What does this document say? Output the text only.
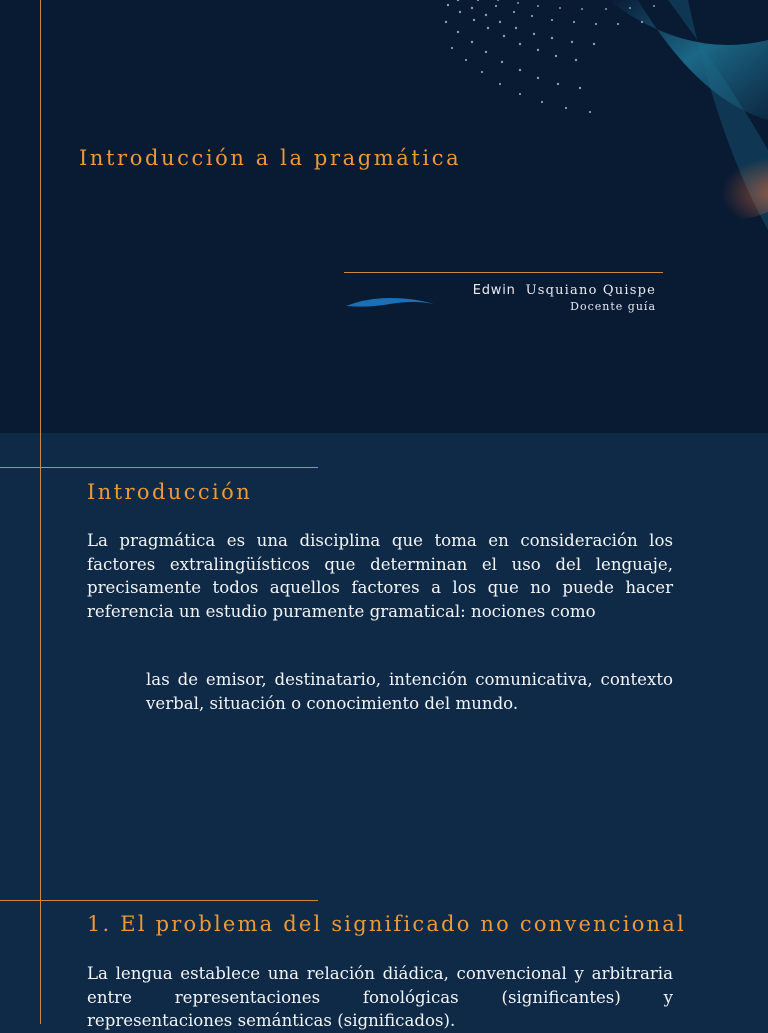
Introducción a la pragmática
Edwin Usquiano Quispe
Docente guía
Introducción
La pragmática es una disciplina que toma en consideración los factores extralingüísticos que determinan el uso del lenguaje, precisamente todos aquellos factores a los que no puede hacer referencia un estudio puramente gramatical: nociones como
las de emisor, destinatario, intención comunicativa, contexto verbal, situación o conocimiento del mundo.
1. El problema del significado no convencional
La lengua establece una relación diádica, convencional y arbitraria entre representaciones fonológicas (significantes) y representaciones semánticas (significados).
